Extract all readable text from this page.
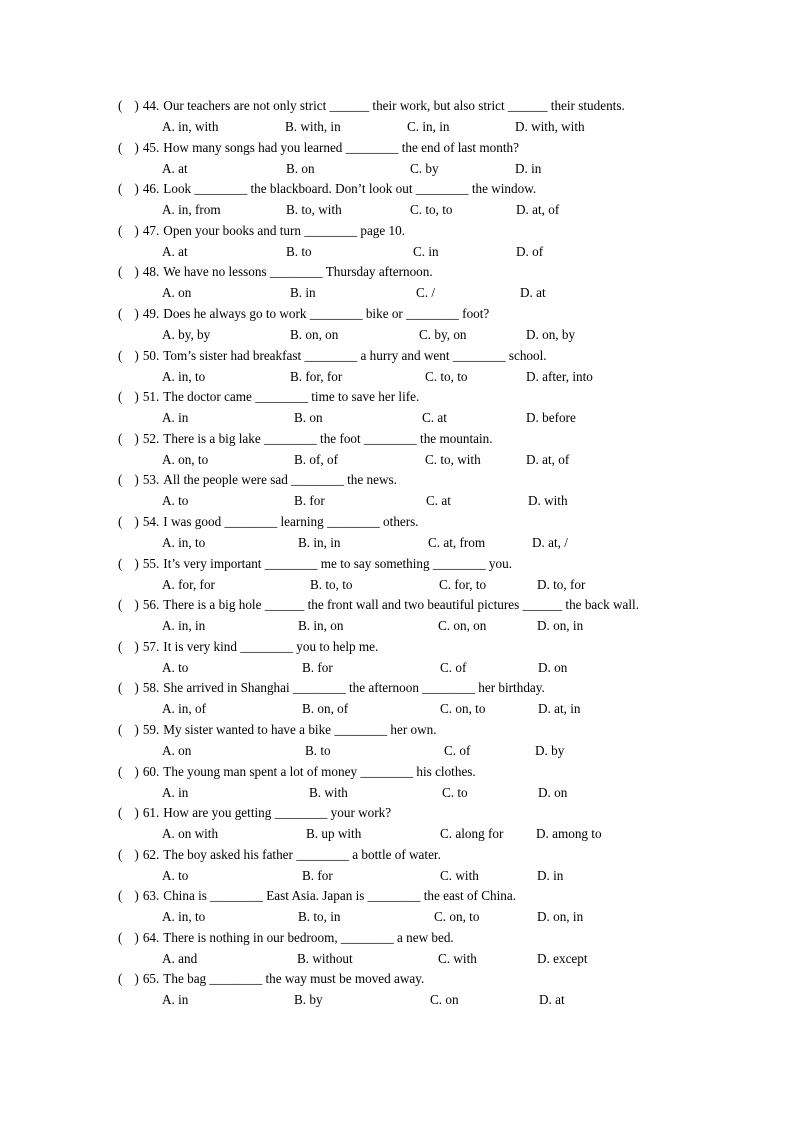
( ) 44. Our teachers are not only strict ______ their work, but also strict ______ their students.
A. in, with	B. with, in	C. in, in	D. with, with
( ) 45. How many songs had you learned ________ the end of last month?
A. at	B. on	C. by	D. in
( ) 46. Look ________ the blackboard. Don’t look out ________ the window.
A. in, from	B. to, with	C. to, to	D. at, of
( ) 47. Open your books and turn ________ page 10.
A. at	B. to	C. in	D. of
( ) 48. We have no lessons ________ Thursday afternoon.
A. on	B. in	C. /	D. at
( ) 49. Does he always go to work ________ bike or ________ foot?
A. by, by	B. on, on	C. by, on	D. on, by
( ) 50. Tom’s sister had breakfast ________ a hurry and went ________ school.
A. in, to	B. for, for	C. to, to	D. after, into
( ) 51. The doctor came ________ time to save her life.
A. in	B. on	C. at	D. before
( ) 52. There is a big lake ________ the foot ________ the mountain.
A. on, to	B. of, of	C. to, with	D. at, of
( ) 53. All the people were sad ________ the news.
A. to	B. for	C. at	D. with
( ) 54. I was good ________ learning ________ others.
A. in, to	B. in, in	C. at, from	D. at, /
( ) 55. It’s very important ________ me to say something ________ you.
A. for, for	B. to, to	C. for, to	D. to, for
( ) 56. There is a big hole ______ the front wall and two beautiful pictures ______ the back wall.
A. in, in	B. in, on	C. on, on	D. on, in
( ) 57. It is very kind ________ you to help me.
A. to	B. for	C. of	D. on
( ) 58. She arrived in Shanghai ________ the afternoon ________ her birthday.
A. in, of	B. on, of	C. on, to	D. at, in
( ) 59. My sister wanted to have a bike ________ her own.
A. on	B. to	C. of	D. by
( ) 60. The young man spent a lot of money ________ his clothes.
A. in	B. with	C. to	D. on
( ) 61. How are you getting ________ your work?
A. on with	B. up with	C. along for D. among to
( ) 62. The boy asked his father ________ a bottle of water.
A. to	B. for	C. with	D. in
( ) 63. China is ________ East Asia. Japan is ________ the east of China.
A. in, to	B. to, in	C. on, to	D. on, in
( ) 64. There is nothing in our bedroom, ________ a new bed.
A. and	B. without	C. with	D. except
( ) 65. The bag ________ the way must be moved away.
A. in	B. by	C. on	D. at
